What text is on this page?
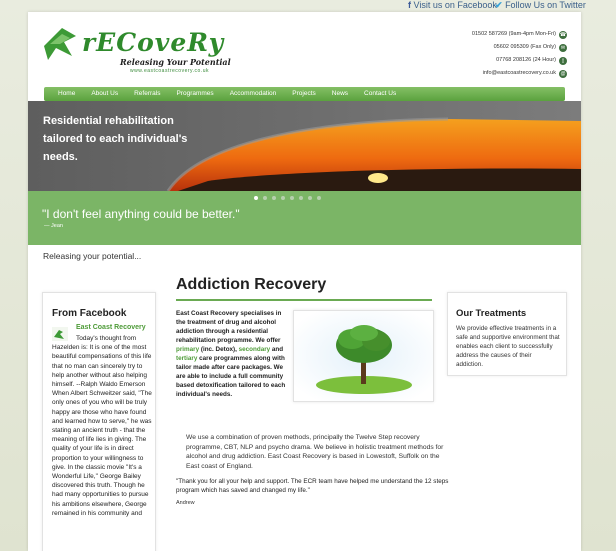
f Visit us on Facebook
✔ Follow Us on Twitter
rECoveRy
Releasing Your Potential
www.eastcoastrecovery.co.uk
01502 587269 (9am-4pm Mon-Fri) ☎
05602 095309 (Fax Only) ✉
07768 208126 (24 Hour)	▯
info@eastcoastrecovery.co.uk @
Home	About Us	Referrals	Programmes	Accommodation	Projects	News	Contact Us
Residential rehabilitation tailored to each individual's needs.
"I don't feel anything could be better."
— Jean
Releasing your potential...
From Facebook
East Coast Recovery
Today's thought from Hazelden is: It is one of the most beautiful compensations of this life that no man can sincerely try to help another without also helping himself. --Ralph Waldo Emerson When Albert Schweitzer said, "The only ones of you who will be truly happy are those who have found and learned how to serve," he was stating an ancient truth - that the meaning of life lies in giving. The quality of your life is in direct proportion to your willingness to give. In the classic movie "It's a Wonderful Life," George Bailey discovered this truth. Though he had many opportunities to pursue his ambitions elsewhere, George remained in his community and
Addiction Recovery
East Coast Recovery specialises in the treatment of drug and alcohol addiction through a residential rehabilitation programme. We offer primary (inc. Detox), secondary and tertiary care programmes along with tailor made after care packages. We are able to include a full community based detoxification tailored to each individual's needs.
We use a combination of proven methods, principally the Twelve Step recovery programme, CBT, NLP and psycho drama. We believe in holistic treatment methods for alcohol and drug addiction. East Coast Recovery is based in Lowestoft, Suffolk on the East coast of England.
"Thank you for all your help and support. The ECR team have helped me understand the 12 steps program which has saved and changed my life."
Andrew
Our Treatments

We provide effective treatments in a safe and supportive environment that enables each client to successfully address the causes of their addiction.
